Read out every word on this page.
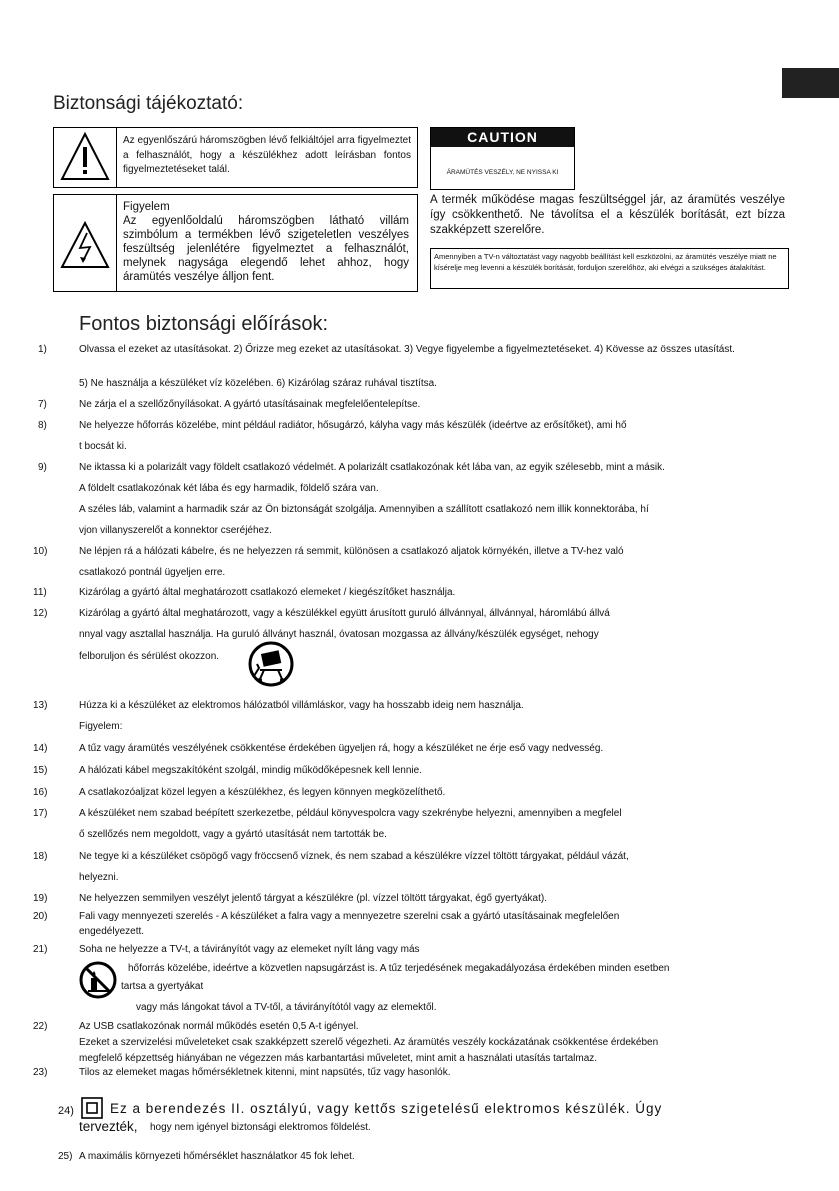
Biztonsági tájékoztató:
Az egyenlőszárú háromszögben lévő felkiáltójel arra figyelmeztet a felhasználót, hogy a készülékhez adott leírásban fontos figyelmeztetéseket talál.
CAUTION
ÁRAMÜTÉS VESZÉLY, NE NYISSA KI
Figyelem
Az egyenlőoldalú háromszögben látható villám szimbólum a termékben lévő szigeteletlen veszélyes feszültség jelenlétére figyelmeztet a felhasználót, melynek nagysága elegendő lehet ahhoz, hogy áramütés veszélye álljon fent.
A termék működése magas feszültséggel jár, az áramütés veszélye így csökkenthető. Ne távolítsa el a készülék borítását, ezt bízza szakképzett szerelőre.
Amennyiben a TV-n változtatást vagy nagyobb beállítást kell eszközölni, az áramütés veszélye miatt ne kísérelje meg levenni a készülék borítását, forduljon szerelőhöz, aki elvégzi a szükséges átalakítást.
Fontos biztonsági előírások:
1)	Olvassa el ezeket az utasításokat. 2) Őrizze meg ezeket az utasításokat. 3) Vegye figyelembe a figyelmeztetéseket. 4) Kövesse az összes utasítást.
5) Ne használja a készüléket víz közelében. 6) Kizárólag száraz ruhával tisztítsa.
7)	Ne zárja el a szellőzőnyílásokat. A gyártó utasításainak megfelelőentelepítse.
8)	Ne helyezze hőforrás közelébe, mint például radiátor, hősugárzó, kályha vagy más készülék (ideértve az erősítőket), ami hő
t bocsát ki.
9)	Ne iktassa ki a polarizált vagy földelt csatlakozó védelmét. A polarizált csatlakozónak két lába van, az egyik szélesebb, mint a másik.
A földelt csatlakozónak két lába és egy harmadik, földelő szára van.
A széles láb, valamint a harmadik szár az Ön biztonságát szolgálja. Amennyiben a szállított csatlakozó nem illik konnektorába, hí
vjon villanyszerelőt a konnektor cseréjéhez.
10)	Ne lépjen rá a hálózati kábelre, és ne helyezzen rá semmit, különösen a csatlakozó aljatok környékén, illetve a TV-hez való
csatlakozó pontnál ügyeljen erre.
11)	Kizárólag a gyártó által meghatározott csatlakozó elemeket / kiegészítőket használja.
12)	Kizárólag a gyártó által meghatározott, vagy a készülékkel együtt árusított guruló állvánnyal, állvánnyal, háromlábú állvá
nnyal vagy asztallal használja. Ha guruló állványt használ, óvatosan mozgassa az állvány/készülék egységet, nehogy
felboruljon és sérülést okozzon.
13)	Húzza ki a készüléket az elektromos hálózatból villámláskor, vagy ha hosszabb ideig nem használja.
Figyelem:
14)	A tűz vagy áramütés veszélyének csökkentése érdekében ügyeljen rá, hogy a készüléket ne érje eső vagy nedvesség.
15)	A hálózati kábel megszakítóként szolgál, mindig működőképesnek kell lennie.
16)	A csatlakozóaljzat közel legyen a készülékhez, és legyen könnyen megközelíthető.
17)	A készüléket nem szabad beépített szerkezetbe, például könyvespolcra vagy szekrénybe helyezni, amennyiben a megfelel
ő szellőzés nem megoldott, vagy a gyártó utasítását nem tartották be.
18)	Ne tegye ki a készüléket csöpögő vagy fröccsenő víznek, és nem szabad a készülékre vízzel töltött tárgyakat, például vázát,
helyezni.
19)	Ne helyezzen semmilyen veszélyt jelentő tárgyat a készülékre (pl. vízzel töltött tárgyakat, égő gyertyákat).
20)	Fali vagy mennyezeti szerelés - A készüléket a falra vagy a mennyezetre szerelni csak a gyártó utasításainak megfelelően
engedélyezett.
21)	Soha ne helyezze a TV-t, a távirányítót vagy az elemeket nyílt láng vagy más
hőforrás közelébe, ideértve a közvetlen napsugárzást is. A tűz terjedésének megakadályozása érdekében minden esetben
tartsa a gyertyákat
vagy más lángokat távol a TV-től, a távirányítótól vagy az elemektől.
22)	Az USB csatlakozónak normál működés esetén 0,5 A-t igényel.
Ezeket a szervizelési műveleteket csak szakképzett szerelő végezheti. Az áramütés veszély kockázatának csökkentése érdekében
megfelelő képzettség hiányában ne végezzen más karbantartási műveletet, mint amit a használati utasítás tartalmaz.
23)	Tilos az elemeket magas hőmérsékletnek kitenni, mint napsütés, tűz vagy hasonlók.
24)	Ez a berendezés II. osztályú, vagy kettős szigetelésű elektromos készülék. Úgy
tervezték, hogy nem igényel biztonsági elektromos földelést.
25) A maximális környezeti hőmérséklet használatkor 45 fok lehet.
